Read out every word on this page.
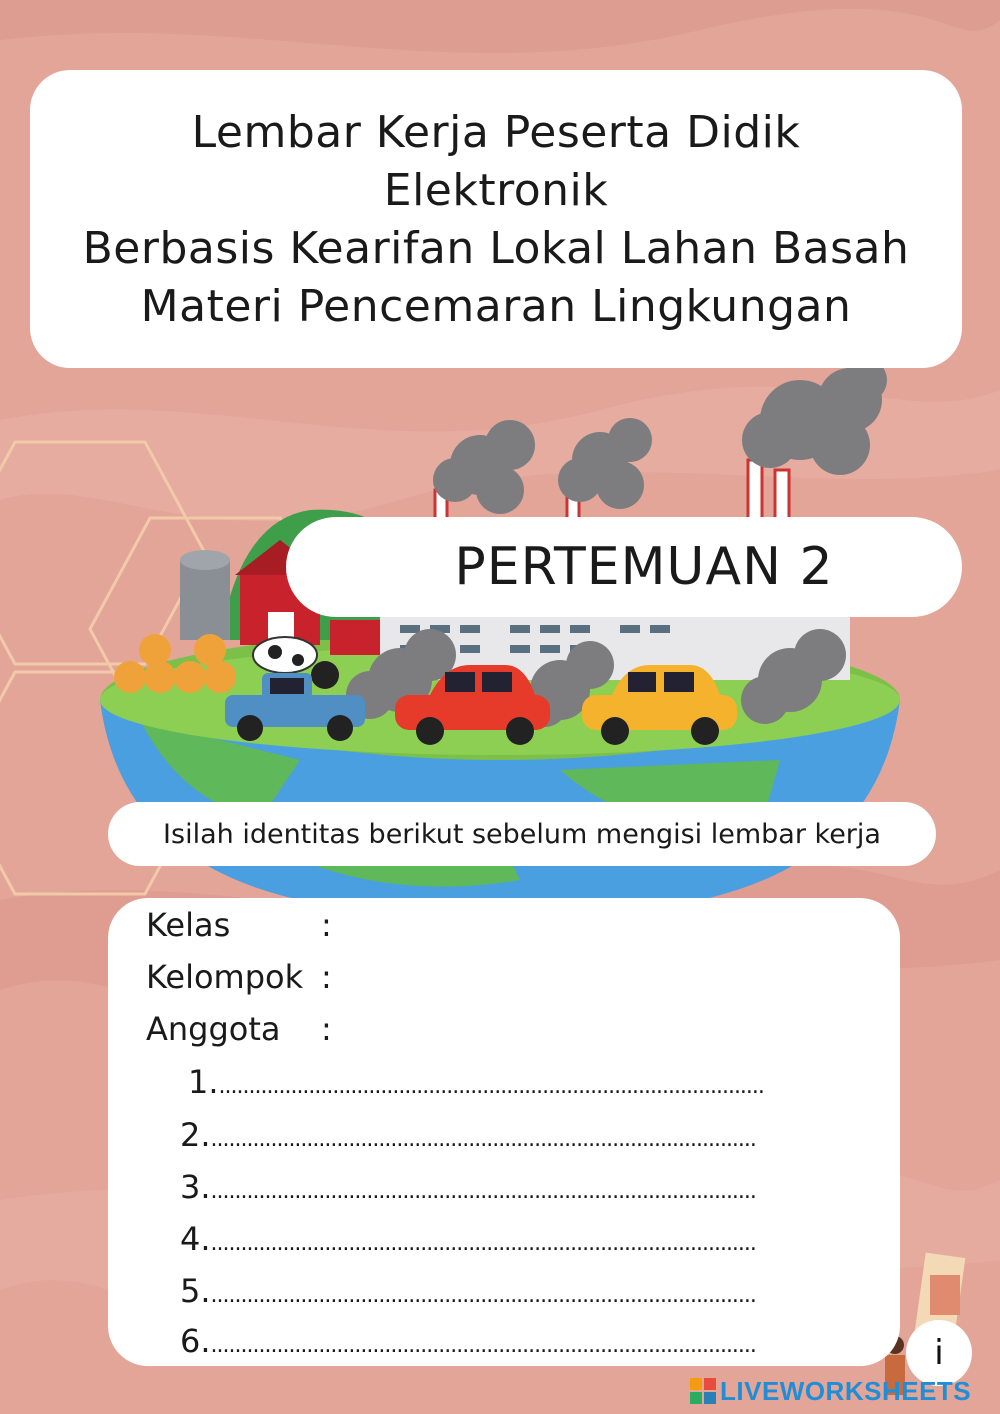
Lembar Kerja Peserta Didik
Elektronik
Berbasis Kearifan Lokal Lahan Basah
Materi Pencemaran Lingkungan
PERTEMUAN 2
Isilah identitas berikut sebelum mengisi lembar kerja
Kelas	:
Kelompok :
Anggota :
1............................................................................................
2............................................................................................
3............................................................................................
4............................................................................................
5............................................................................................
6............................................................................................	i
LIVEWORKSHEETS
